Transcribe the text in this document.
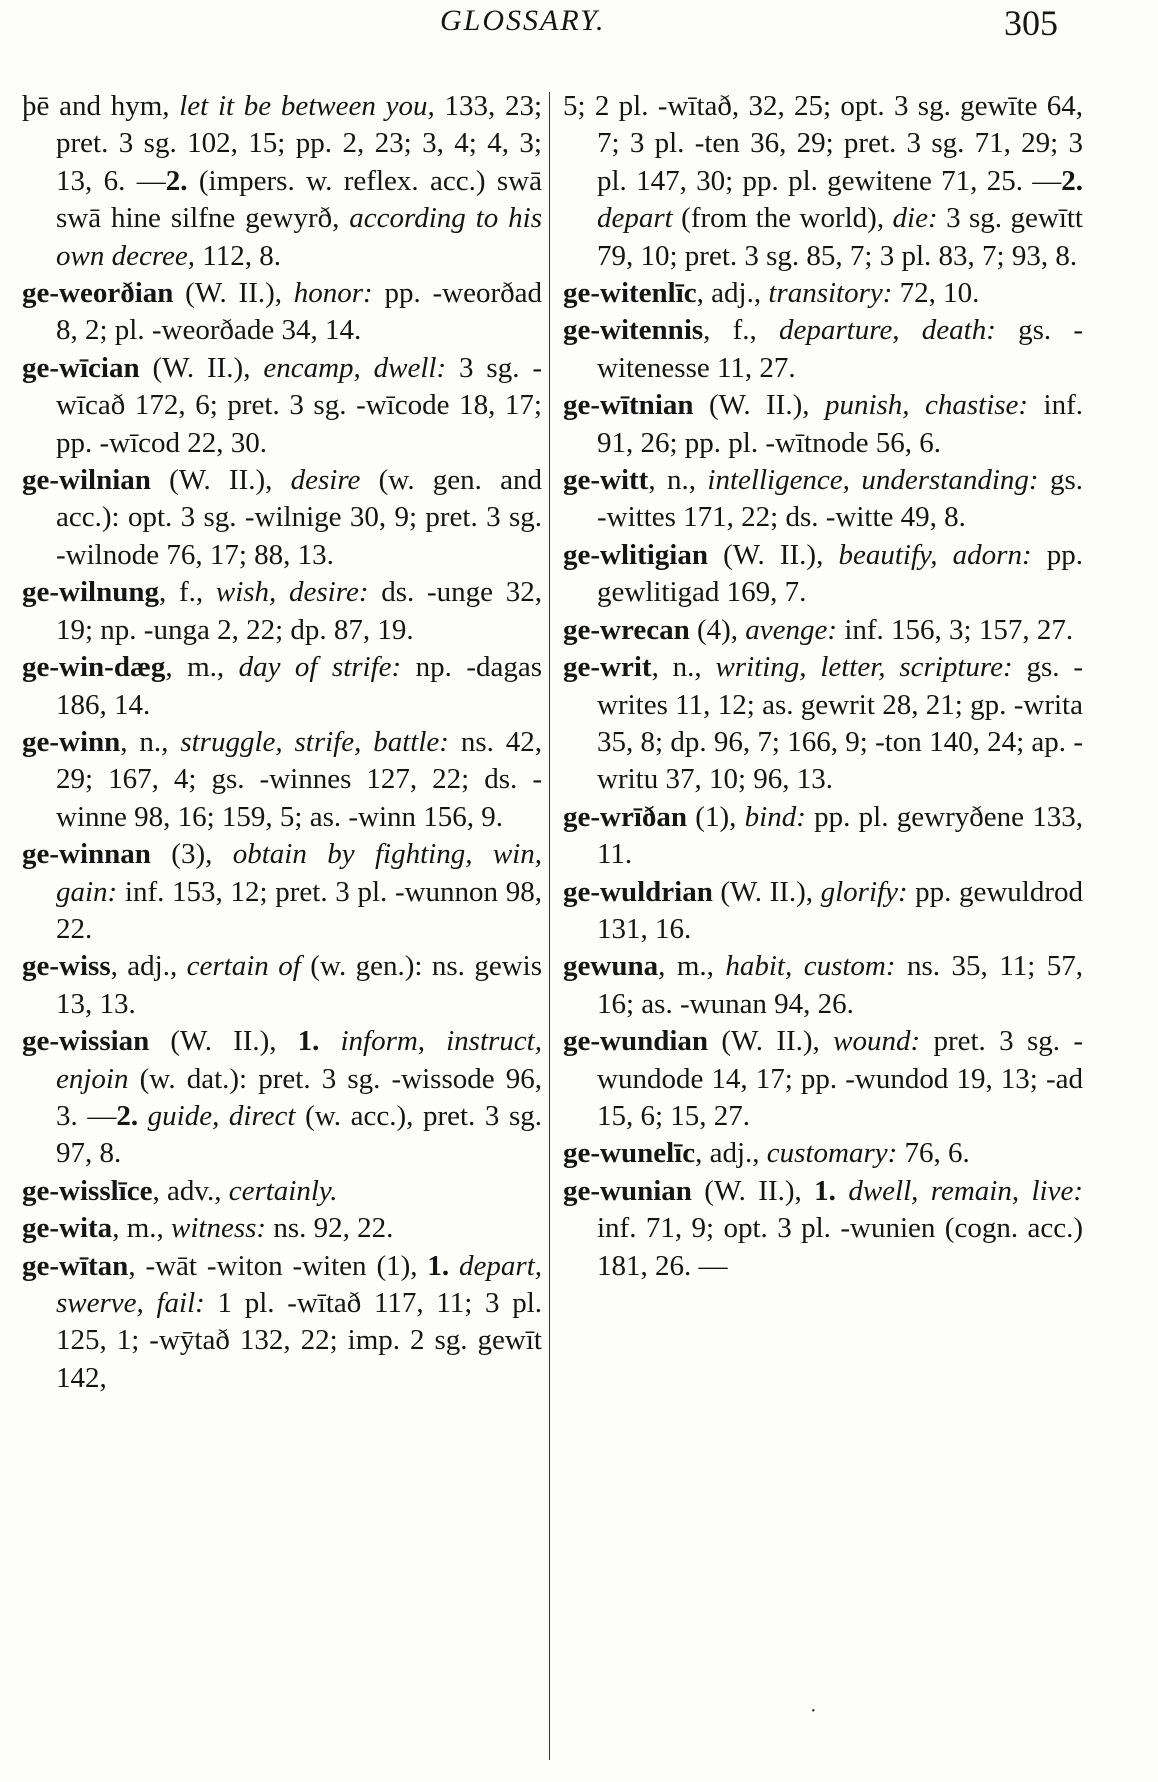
GLOSSARY.	305
þē and hym, let it be between you, 133, 23; pret. 3 sg. 102, 15; pp. 2, 23; 3, 4; 4, 3; 13, 6. —2. (impers. w. reflex. acc.) swā swā hine silfne gewyrð, according to his own decree, 112, 8.
ge-weorðian (W. II.), honor: pp. -weorðad 8, 2; pl. -weorðade 34, 14.
ge-wīcian (W. II.), encamp, dwell: 3 sg. -wīcað 172, 6; pret. 3 sg. -wīcode 18, 17; pp. -wīcod 22, 30.
ge-wilnian (W. II.), desire (w. gen. and acc.): opt. 3 sg. -wilnige 30, 9; pret. 3 sg. -wilnode 76, 17; 88, 13.
ge-wilnung, f., wish, desire: ds. -unge 32, 19; np. -unga 2, 22; dp. 87, 19.
ge-win-dæg, m., day of strife: np. -dagas 186, 14.
ge-winn, n., struggle, strife, battle: ns. 42, 29; 167, 4; gs. -winnes 127, 22; ds. -winne 98, 16; 159, 5; as. -winn 156, 9.
ge-winnan (3), obtain by fighting, win, gain: inf. 153, 12; pret. 3 pl. -wunnon 98, 22.
ge-wiss, adj., certain of (w. gen.): ns. gewis 13, 13.
ge-wissian (W. II.), 1. inform, instruct, enjoin (w. dat.): pret. 3 sg. -wissode 96, 3. —2. guide, direct (w. acc.), pret. 3 sg. 97, 8.
ge-wisslīce, adv., certainly.
ge-wita, m., witness: ns. 92, 22.
ge-wītan, -wāt -witon -witen (1), 1. depart, swerve, fail: 1 pl. -wītað 117, 11; 3 pl. 125, 1; -wȳtað 132, 22; imp. 2 sg. gewīt 142,
5; 2 pl. -wītað, 32, 25; opt. 3 sg. gewīte 64, 7; 3 pl. -ten 36, 29; pret. 3 sg. 71, 29; 3 pl. 147, 30; pp. pl. gewitene 71, 25. —2. depart (from the world), die: 3 sg. gewītt 79, 10; pret. 3 sg. 85, 7; 3 pl. 83, 7; 93, 8.
ge-witenlīc, adj., transitory: 72, 10.
ge-witennis, f., departure, death: gs. -witenesse 11, 27.
ge-wītnian (W. II.), punish, chastise: inf. 91, 26; pp. pl. -wītnode 56, 6.
ge-witt, n., intelligence, understanding: gs. -wittes 171, 22; ds. -witte 49, 8.
ge-wlitigian (W. II.), beautify, adorn: pp. gewlitigad 169, 7.
ge-wrecan (4), avenge: inf. 156, 3; 157, 27.
ge-writ, n., writing, letter, scripture: gs. -writes 11, 12; as. gewrit 28, 21; gp. -writa 35, 8; dp. 96, 7; 166, 9; -ton 140, 24; ap. -writu 37, 10; 96, 13.
ge-wrīðan (1), bind: pp. pl. gewryðene 133, 11.
ge-wuldrian (W. II.), glorify: pp. gewuldrod 131, 16.
gewuna, m., habit, custom: ns. 35, 11; 57, 16; as. -wunan 94, 26.
ge-wundian (W. II.), wound: pret. 3 sg. -wundode 14, 17; pp. -wundod 19, 13; -ad 15, 6; 15, 27.
ge-wunelīc, adj., customary: 76, 6.
ge-wunian (W. II.), 1. dwell, remain, live: inf. 71, 9; opt. 3 pl. -wunien (cogn. acc.) 181, 26. —
·
